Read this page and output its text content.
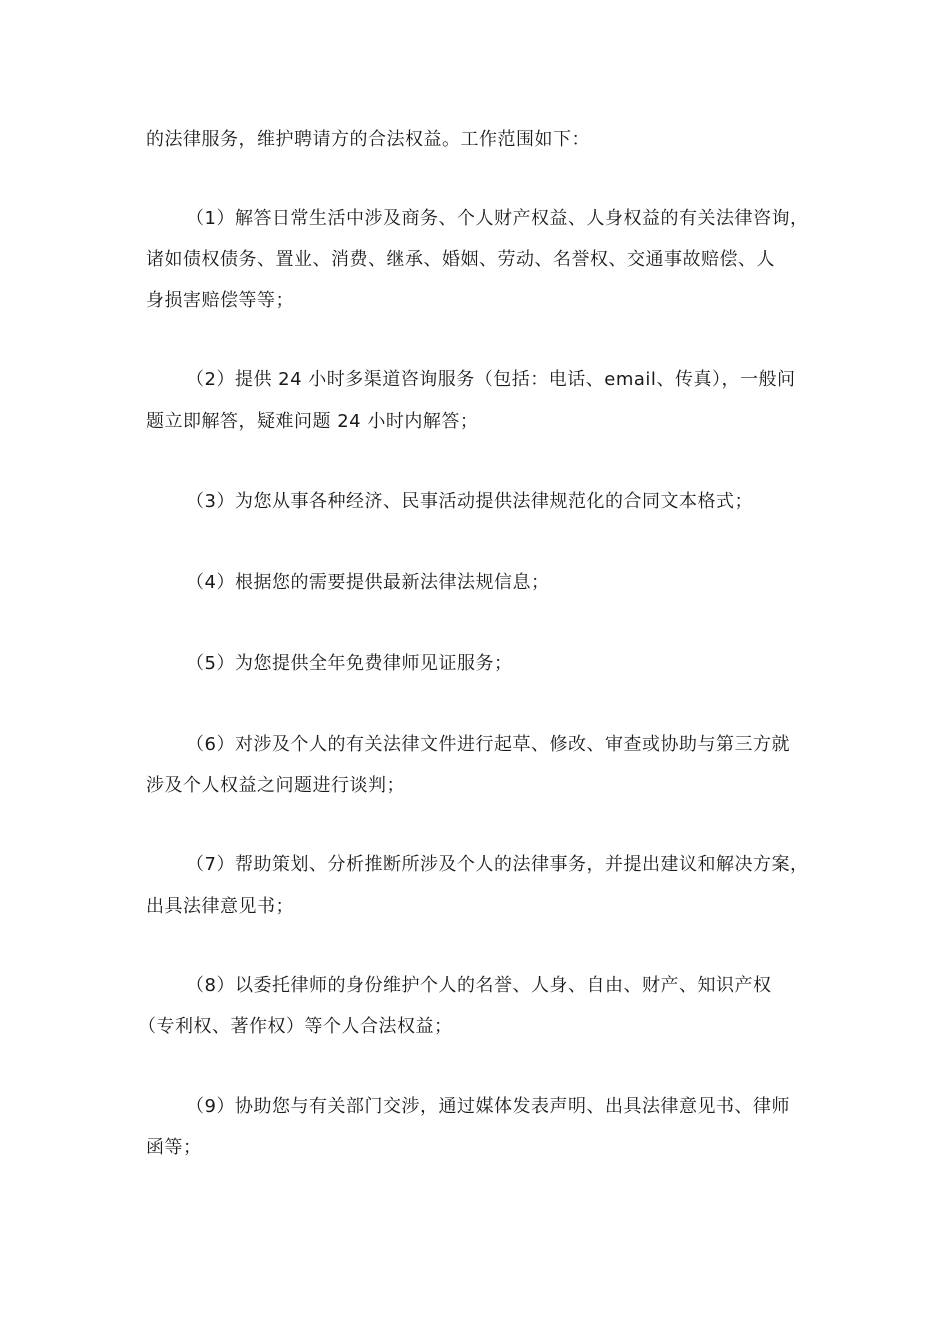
的法律服务，维护聘请方的合法权益。工作范围如下：
（1）解答日常生活中涉及商务、个人财产权益、人身权益的有关法律咨询，
诸如债权债务、置业、消费、继承、婚姻、劳动、名誉权、交通事故赔偿、人
身损害赔偿等等；
（2）提供 24 小时多渠道咨询服务（包括：电话、email、传真），一般问
题立即解答，疑难问题 24 小时内解答；
（3）为您从事各种经济、民事活动提供法律规范化的合同文本格式；
（4）根据您的需要提供最新法律法规信息；
（5）为您提供全年免费律师见证服务；
（6）对涉及个人的有关法律文件进行起草、修改、审查或协助与第三方就
涉及个人权益之问题进行谈判；
（7）帮助策划、分析推断所涉及个人的法律事务，并提出建议和解决方案，
出具法律意见书；
（8）以委托律师的身份维护个人的名誉、人身、自由、财产、知识产权
（专利权、著作权）等个人合法权益；
（9）协助您与有关部门交涉，通过媒体发表声明、出具法律意见书、律师
函等；
